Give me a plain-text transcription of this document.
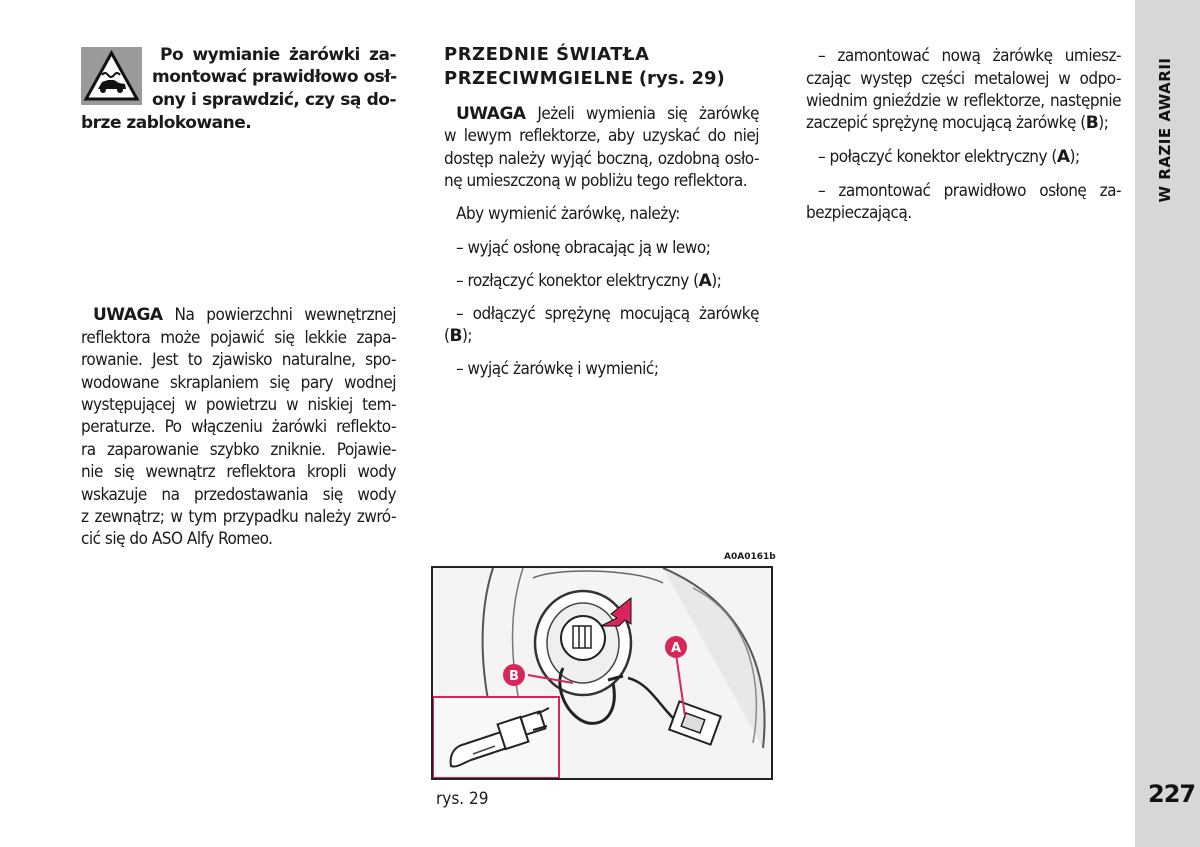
W RAZIE AWARII
227
Po wymianie żarówki za-
montować prawidłowo osł-
ony i sprawdzić, czy są do-
brze zablokowane.
UWAGA Na powierzchni wewnętrznej
reflektora może pojawić się lekkie zapa-
rowanie. Jest to zjawisko naturalne, spo-
wodowane skraplaniem się pary wodnej
występującej w powietrzu w niskiej tem-
peraturze. Po włączeniu żarówki reflekto-
ra zaparowanie szybko zniknie. Pojawie-
nie się wewnątrz reflektora kropli wody
wskazuje na przedostawania się wody
z zewnątrz; w tym przypadku należy zwró-
cić się do ASO Alfy Romeo.
PRZEDNIE ŚWIATŁA
PRZECIWMGIELNE (rys. 29)
UWAGA Jeżeli wymienia się żarówkę
w lewym reflektorze, aby uzyskać do niej
dostęp należy wyjąć boczną, ozdobną osło-
nę umieszczoną w pobliżu tego reflektora.
Aby wymienić żarówkę, należy:
– wyjąć osłonę obracając ją w lewo;
– rozłączyć konektor elektryczny (A);
– odłączyć sprężynę mocującą żarówkę
(B);
– wyjąć żarówkę i wymienić;
– zamontować nową żarówkę umiesz-
czając występ części metalowej w odpo-
wiednim gnieździe w reflektorze, następnie
zaczepić sprężynę mocującą żarówkę (B);
– połączyć konektor elektryczny (A);
– zamontować prawidłowo osłonę za-
bezpieczającą.
A0A0161b
B
A
rys. 29
